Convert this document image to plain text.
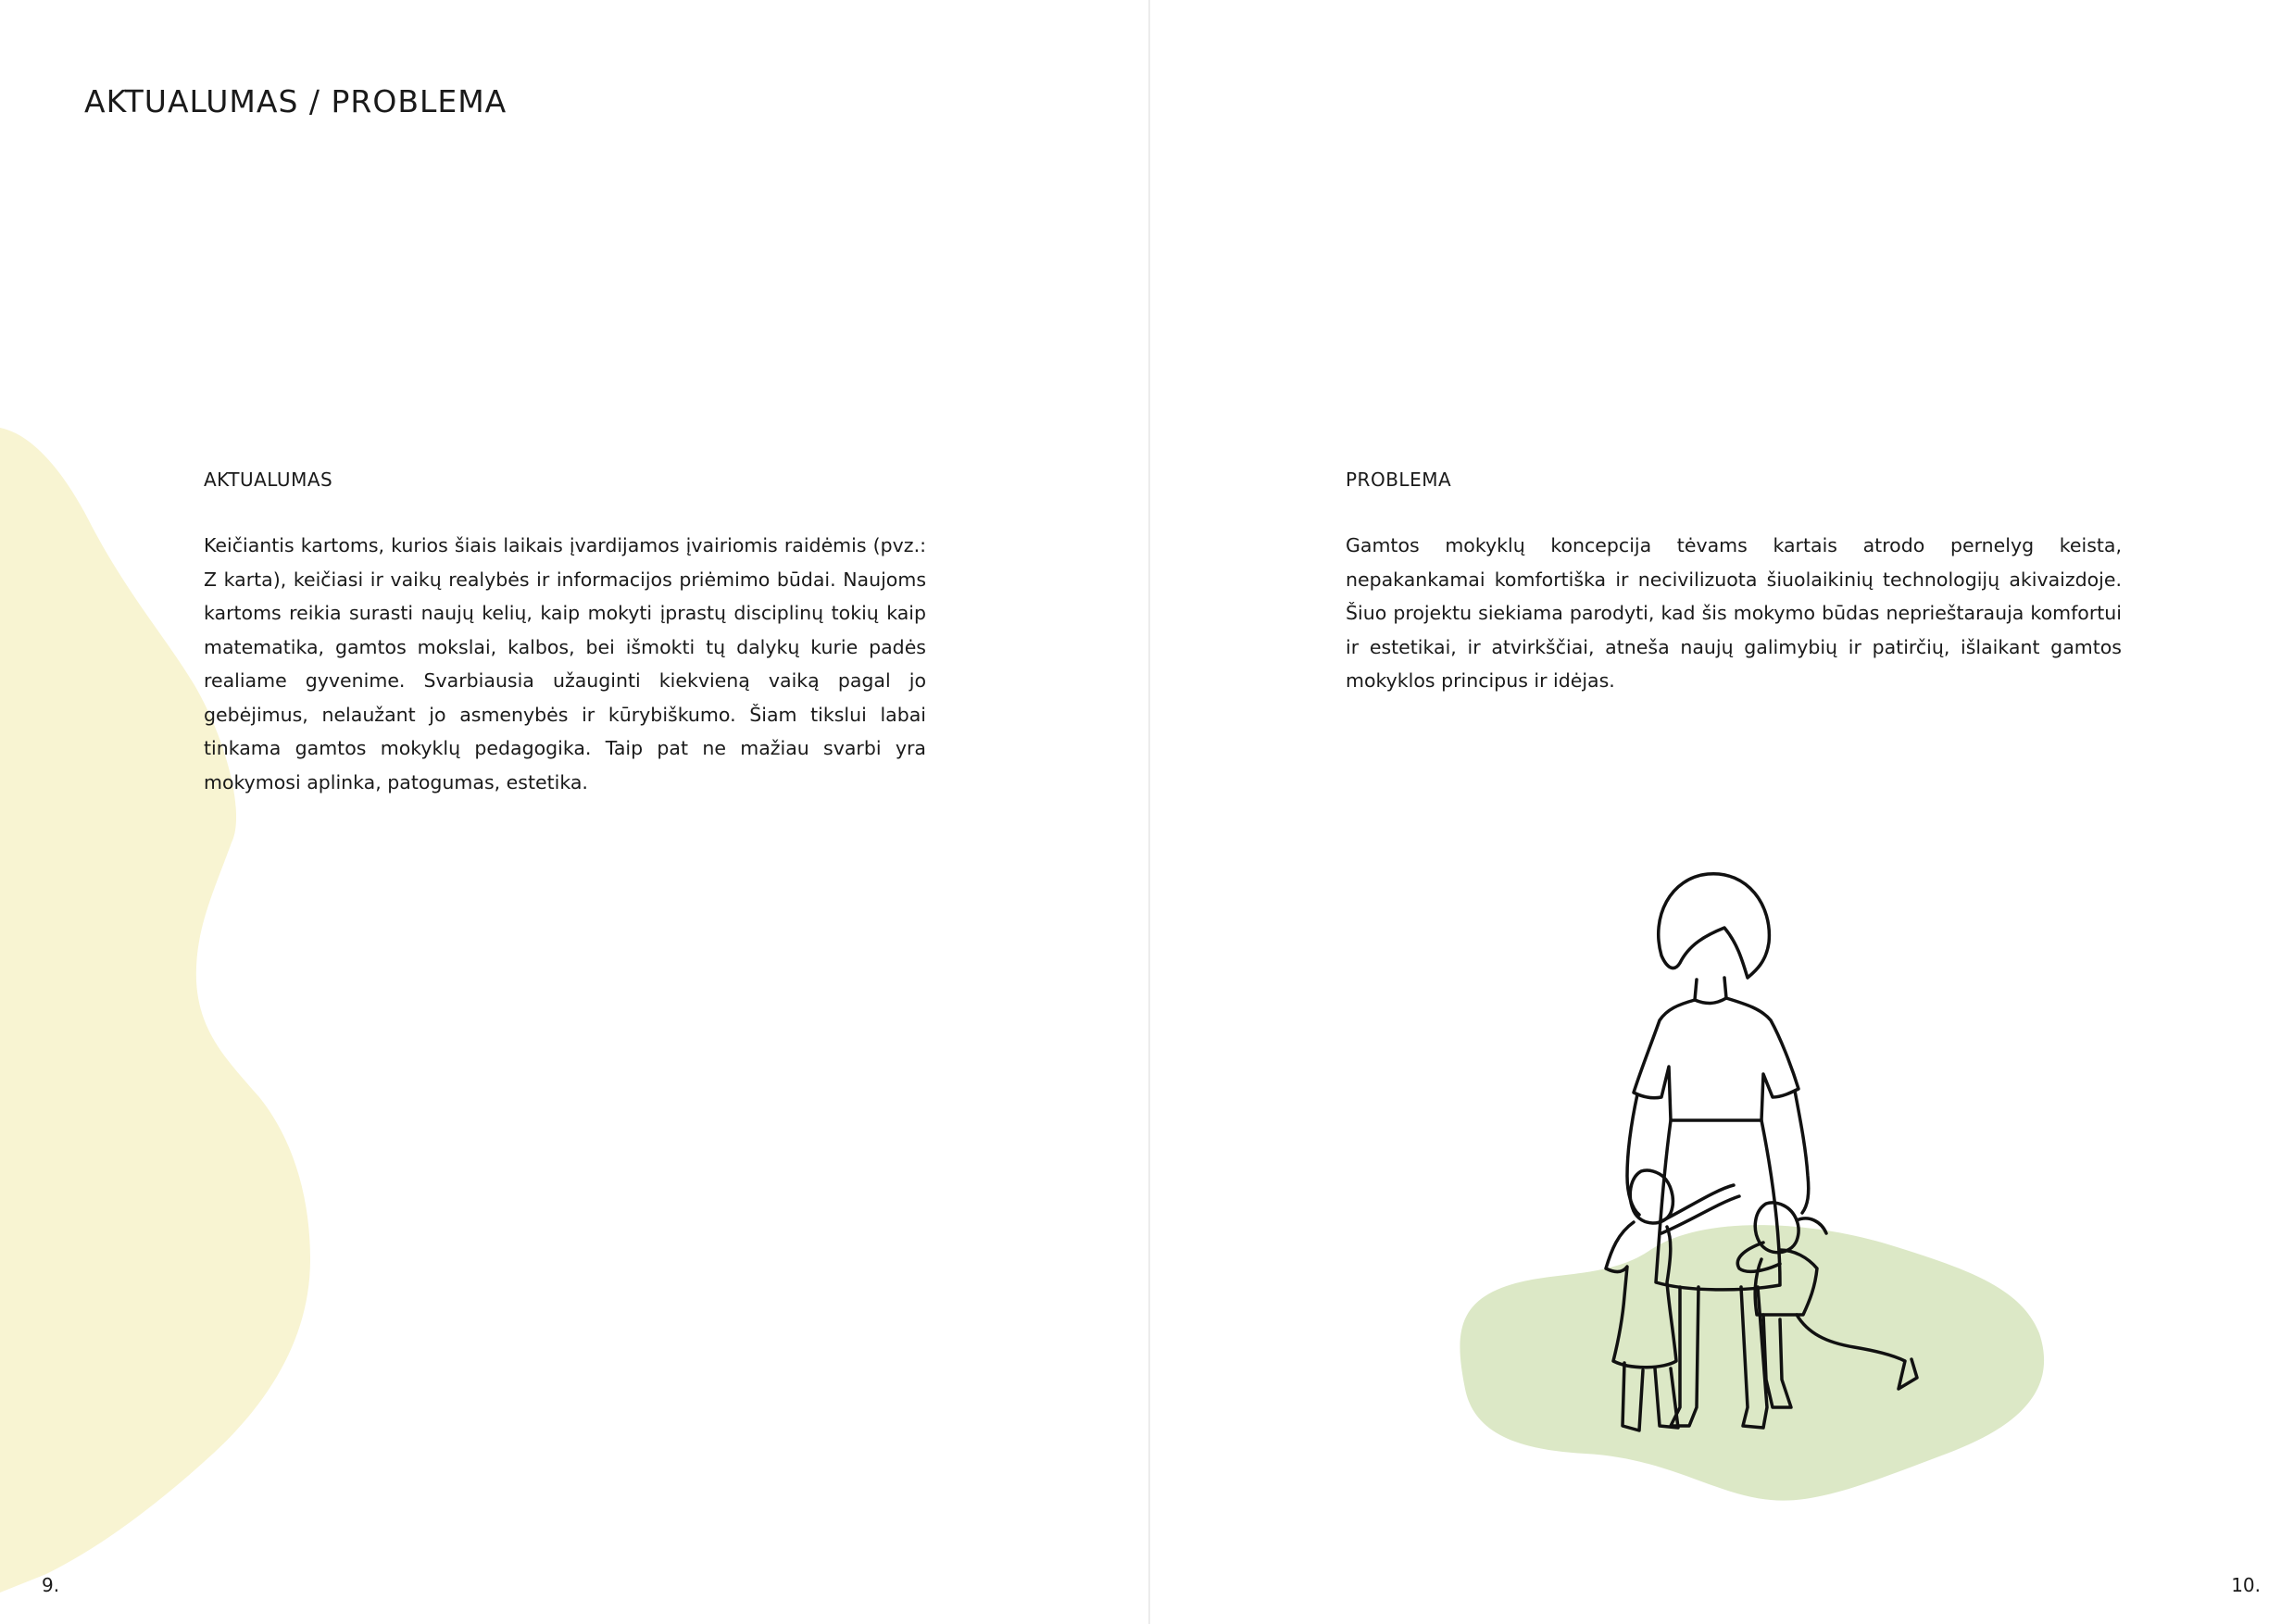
AKTUALUMAS / PROBLEMA
AKTUALUMAS

Keičiantis kartoms, kurios šiais laikais įvardijamos įvairiomis raidėmis (pvz.: Z karta), keičiasi ir vaikų realybės ir informacijos priėmimo būdai. Naujoms kartoms reikia surasti naujų kelių, kaip mokyti įprastų disciplinų tokių kaip matematika, gamtos mokslai, kalbos, bei išmokti tų dalykų kurie padės realiame gyvenime. Svarbiausia užauginti kiekvieną vaiką pagal jo gebėjimus, nelaužant jo asmenybės ir kūrybiškumo. Šiam tikslui labai tinkama gamtos mokyklų pedagogika. Taip pat ne mažiau svarbi yra mokymosi aplinka, patogumas, estetika.

9.
PROBLEMA

Gamtos mokyklų koncepcija tėvams kartais atrodo pernelyg keista, nepakankamai komfortiška ir necivilizuota šiuolaikinių technologijų akivaizdoje. Šiuo projektu siekiama parodyti, kad šis mokymo būdas neprieštarauja komfortui ir estetikai, ir atvirkščiai, atneša naujų galimybių ir patirčių, išlaikant gamtos mokyklos principus ir idėjas.

10.
